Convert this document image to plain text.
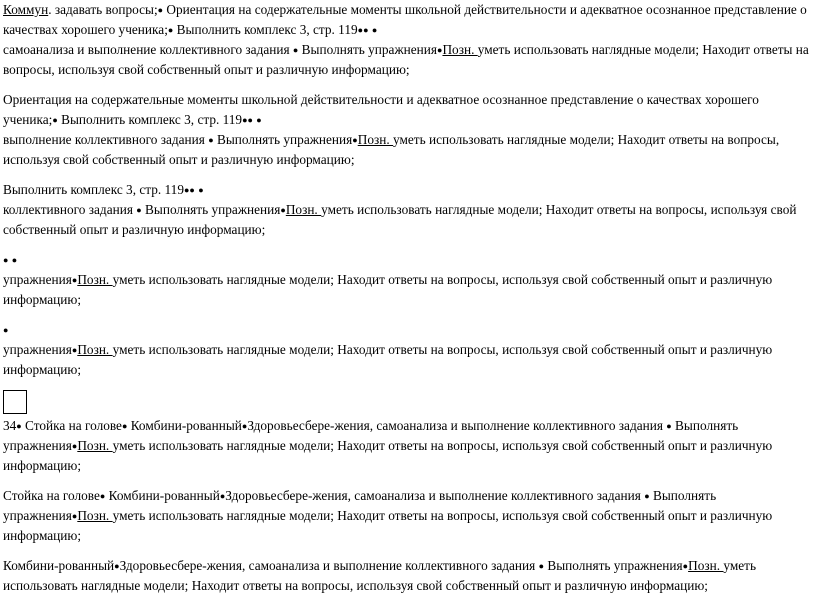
Коммун. задавать вопросы;● Ориентация на содержательные моменты школьной действительности и адекватное осознанное представление о качествах хорошего ученика;● Выполнить комплекс 3, стр. 119●● ●
самоанализа и выполнение коллективного задания ● Выполнять упражнения●Позн. уметь использовать наглядные модели; Находит ответы на вопросы, используя свой собственный опыт и различную информацию;

Ориентация на содержательные моменты школьной действительности и адекватное осознанное представление о качествах хорошего ученика;● Выполнить комплекс 3, стр. 119●● ●
выполнение коллективного задания ● Выполнять упражнения●Позн. уметь использовать наглядные модели; Находит ответы на вопросы, используя свой собственный опыт и различную информацию;

Выполнить комплекс 3, стр. 119●● ●
коллективного задания ● Выполнять упражнения●Позн. уметь использовать наглядные модели; Находит ответы на вопросы, используя свой собственный опыт и различную информацию;

● ●
упражнения●Позн. уметь использовать наглядные модели; Находит ответы на вопросы, используя свой собственный опыт и различную информацию;

●
упражнения●Позн. уметь использовать наглядные модели; Находит ответы на вопросы, используя свой собственный опыт и различную информацию;

34● Стойка на голове● Комбини-рованный●Здоровьесбере-жения, самоанализа и выполнение коллективного задания ● Выполнять упражнения●Позн. уметь использовать наглядные модели; Находит ответы на вопросы, используя свой собственный опыт и различную информацию;

Стойка на голове● Комбини-рованный●Здоровьесбере-жения, самоанализа и выполнение коллективного задания ● Выполнять упражнения●Позн. уметь использовать наглядные модели; Находит ответы на вопросы, используя свой собственный опыт и различную информацию;

Комбини-рованный●Здоровьесбере-жения, самоанализа и выполнение коллективного задания ● Выполнять упражнения●Позн. уметь использовать наглядные модели; Находит ответы на вопросы, используя свой собственный опыт и различную информацию;
